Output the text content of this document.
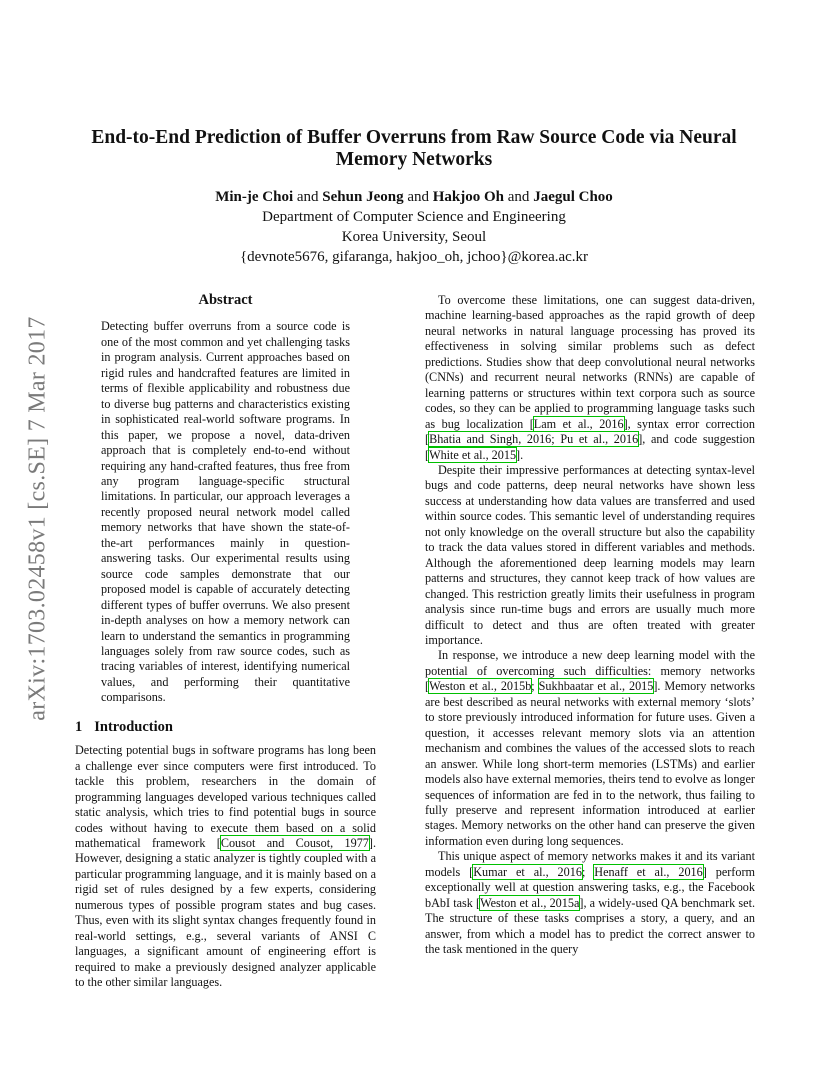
arXiv:1703.02458v1 [cs.SE] 7 Mar 2017
End-to-End Prediction of Buffer Overruns from Raw Source Code via Neural
Memory Networks
Min-je Choi and Sehun Jeong and Hakjoo Oh and Jaegul Choo
Department of Computer Science and Engineering
Korea University, Seoul
{devnote5676, gifaranga, hakjoo_oh, jchoo}@korea.ac.kr
Abstract

Detecting buffer overruns from a source code is one of the most common and yet challenging tasks in program analysis. Current approaches based on rigid rules and handcrafted features are limited in terms of flexible applicability and robustness due to diverse bug patterns and characteristics existing in sophisticated real-world software programs. In this paper, we propose a novel, data-driven approach that is completely end-to-end without requiring any hand-crafted features, thus free from any program language-specific structural limitations. In particular, our approach leverages a recently proposed neural network model called memory networks that have shown the state-of-the-art performances mainly in question-answering tasks. Our experimental results using source code samples demonstrate that our proposed model is capable of accurately detecting different types of buffer overruns. We also present in-depth analyses on how a memory network can learn to understand the semantics in programming languages solely from raw source codes, such as tracing variables of interest, identifying numerical values, and performing their quantitative comparisons.

1 Introduction

Detecting potential bugs in software programs has long been a challenge ever since computers were first introduced. To tackle this problem, researchers in the domain of programming languages developed various techniques called static analysis, which tries to find potential bugs in source codes without having to execute them based on a solid mathematical framework [Cousot and Cousot, 1977]. However, designing a static analyzer is tightly coupled with a particular programming language, and it is mainly based on a rigid set of rules designed by a few experts, considering numerous types of possible program states and bug cases. Thus, even with its slight syntax changes frequently found in real-world settings, e.g., several variants of ANSI C languages, a significant amount of engineering effort is required to make a previously designed analyzer applicable to the other similar languages.

To overcome these limitations, one can suggest data-driven, machine learning-based approaches as the rapid growth of deep neural networks in natural language processing has proved its effectiveness in solving similar problems such as defect predictions. Studies show that deep convolutional neural networks (CNNs) and recurrent neural networks (RNNs) are capable of learning patterns or structures within text corpora such as source codes, so they can be applied to programming language tasks such as bug localization [Lam et al., 2016], syntax error correction [Bhatia and Singh, 2016; Pu et al., 2016], and code suggestion [White et al., 2015].

Despite their impressive performances at detecting syntax-level bugs and code patterns, deep neural networks have shown less success at understanding how data values are transferred and used within source codes. This semantic level of understanding requires not only knowledge on the overall structure but also the capability to track the data values stored in different variables and methods. Although the aforementioned deep learning models may learn patterns and structures, they cannot keep track of how values are changed. This restriction greatly limits their usefulness in program analysis since run-time bugs and errors are usually much more difficult to detect and thus are often treated with greater importance.

In response, we introduce a new deep learning model with the potential of overcoming such difficulties: memory networks [Weston et al., 2015b; Sukhbaatar et al., 2015]. Memory networks are best described as neural networks with external memory ‘slots’ to store previously introduced information for future uses. Given a question, it accesses relevant memory slots via an attention mechanism and combines the values of the accessed slots to reach an answer. While long short-term memories (LSTMs) and earlier models also have external memories, theirs tend to evolve as longer sequences of information are fed in to the network, thus failing to fully preserve and represent information introduced at earlier stages. Memory networks on the other hand can preserve the given information even during long sequences.

This unique aspect of memory networks makes it and its variant models [Kumar et al., 2016; Henaff et al., 2016] perform exceptionally well at question answering tasks, e.g., the Facebook bAbI task [Weston et al., 2015a], a widely-used QA benchmark set. The structure of these tasks comprises a story, a query, and an answer, from which a model has to predict the correct answer to the task mentioned in the query
